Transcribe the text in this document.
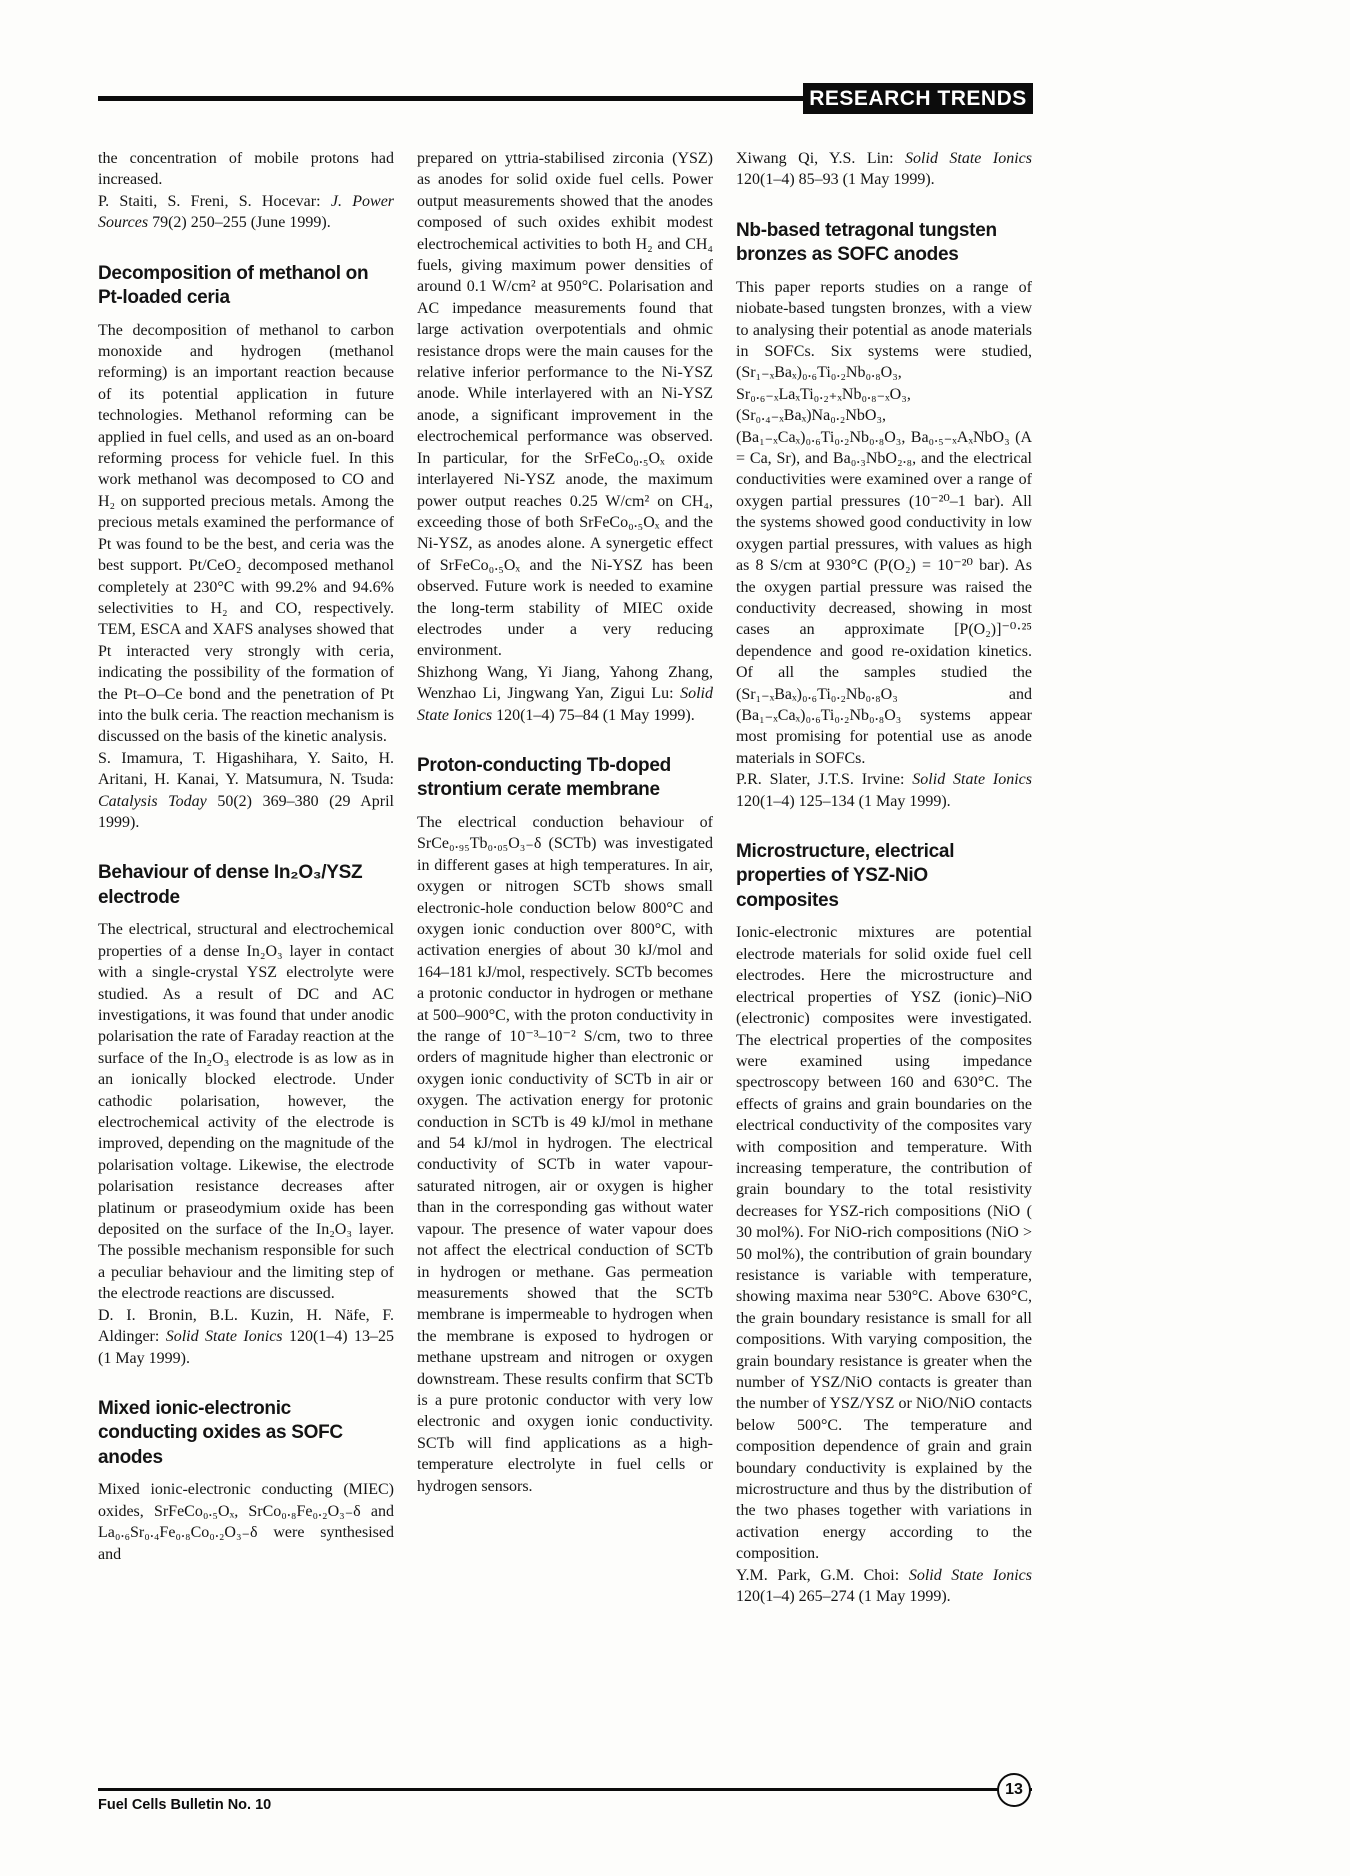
RESEARCH TRENDS

the concentration of mobile protons had increased.

P. Staiti, S. Freni, S. Hocevar: J. Power Sources 79(2) 250–255 (June 1999).

Decomposition of methanol on Pt-loaded ceria

The decomposition of methanol to carbon monoxide and hydrogen (methanol reforming) is an important reaction because of its potential application in future technologies. Methanol reforming can be applied in fuel cells, and used as an on-board reforming process for vehicle fuel. In this work methanol was decomposed to CO and H₂ on supported precious metals. Among the precious metals examined the performance of Pt was found to be the best, and ceria was the best support. Pt/CeO₂ decomposed methanol completely at 230°C with 99.2% and 94.6% selectivities to H₂ and CO, respectively. TEM, ESCA and XAFS analyses showed that Pt interacted very strongly with ceria, indicating the possibility of the formation of the Pt–O–Ce bond and the penetration of Pt into the bulk ceria. The reaction mechanism is discussed on the basis of the kinetic analysis.

S. Imamura, T. Higashihara, Y. Saito, H. Aritani, H. Kanai, Y. Matsumura, N. Tsuda: Catalysis Today 50(2) 369–380 (29 April 1999).

Behaviour of dense In₂O₃/YSZ electrode

The electrical, structural and electrochemical properties of a dense In₂O₃ layer in contact with a single-crystal YSZ electrolyte were studied. As a result of DC and AC investigations, it was found that under anodic polarisation the rate of Faraday reaction at the surface of the In₂O₃ electrode is as low as in an ionically blocked electrode. Under cathodic polarisation, however, the electrochemical activity of the electrode is improved, depending on the magnitude of the polarisation voltage. Likewise, the electrode polarisation resistance decreases after platinum or praseodymium oxide has been deposited on the surface of the In₂O₃ layer. The possible mechanism responsible for such a peculiar behaviour and the limiting step of the electrode reactions are discussed.

D. I. Bronin, B.L. Kuzin, H. Näfe, F. Aldinger: Solid State Ionics 120(1–4) 13–25 (1 May 1999).

Mixed ionic-electronic conducting oxides as SOFC anodes

Mixed ionic-electronic conducting (MIEC) oxides, SrFeCo₀.₅Oₓ, SrCo₀.₈Fe₀.₂O₃₋δ and La₀.₆Sr₀.₄Fe₀.₈Co₀.₂O₃₋δ were synthesised and

prepared on yttria-stabilised zirconia (YSZ) as anodes for solid oxide fuel cells. Power output measurements showed that the anodes composed of such oxides exhibit modest electrochemical activities to both H₂ and CH₄ fuels, giving maximum power densities of around 0.1 W/cm² at 950°C. Polarisation and AC impedance measurements found that large activation overpotentials and ohmic resistance drops were the main causes for the relative inferior performance to the Ni-YSZ anode. While interlayered with an Ni-YSZ anode, a significant improvement in the electrochemical performance was observed. In particular, for the SrFeCo₀.₅Oₓ oxide interlayered Ni-YSZ anode, the maximum power output reaches 0.25 W/cm² on CH₄, exceeding those of both SrFeCo₀.₅Oₓ and the Ni-YSZ, as anodes alone. A synergetic effect of SrFeCo₀.₅Oₓ and the Ni-YSZ has been observed. Future work is needed to examine the long-term stability of MIEC oxide electrodes under a very reducing environment.

Shizhong Wang, Yi Jiang, Yahong Zhang, Wenzhao Li, Jingwang Yan, Zigui Lu: Solid State Ionics 120(1–4) 75–84 (1 May 1999).

Proton-conducting Tb-doped strontium cerate membrane

The electrical conduction behaviour of SrCe₀.₉₅Tb₀.₀₅O₃₋δ (SCTb) was investigated in different gases at high temperatures. In air, oxygen or nitrogen SCTb shows small electronic-hole conduction below 800°C and oxygen ionic conduction over 800°C, with activation energies of about 30 kJ/mol and 164–181 kJ/mol, respectively. SCTb becomes a protonic conductor in hydrogen or methane at 500–900°C, with the proton conductivity in the range of 10⁻³–10⁻² S/cm, two to three orders of magnitude higher than electronic or oxygen ionic conductivity of SCTb in air or oxygen. The activation energy for protonic conduction in SCTb is 49 kJ/mol in methane and 54 kJ/mol in hydrogen. The electrical conductivity of SCTb in water vapour-saturated nitrogen, air or oxygen is higher than in the corresponding gas without water vapour. The presence of water vapour does not affect the electrical conduction of SCTb in hydrogen or methane. Gas permeation measurements showed that the SCTb membrane is impermeable to hydrogen when the membrane is exposed to hydrogen or methane upstream and nitrogen or oxygen downstream. These results confirm that SCTb is a pure protonic conductor with very low electronic and oxygen ionic conductivity. SCTb will find applications as a high-temperature electrolyte in fuel cells or hydrogen sensors.

Xiwang Qi, Y.S. Lin: Solid State Ionics 120(1–4) 85–93 (1 May 1999).

Nb-based tetragonal tungsten bronzes as SOFC anodes

This paper reports studies on a range of niobate-based tungsten bronzes, with a view to analysing their potential as anode materials in SOFCs. Six systems were studied, (Sr₁₋ₓBaₓ)₀.₆Ti₀.₂Nb₀.₈O₃, Sr₀.₆₋ₓLaₓTi₀.₂₊ₓNb₀.₈₋ₓO₃, (Sr₀.₄₋ₓBaₓ)Na₀.₂NbO₃, (Ba₁₋ₓCaₓ)₀.₆Ti₀.₂Nb₀.₈O₃, Ba₀.₅₋ₓAₓNbO₃ (A = Ca, Sr), and Ba₀.₃NbO₂.₈, and the electrical conductivities were examined over a range of oxygen partial pressures (10⁻²⁰–1 bar). All the systems showed good conductivity in low oxygen partial pressures, with values as high as 8 S/cm at 930°C (P(O₂) = 10⁻²⁰ bar). As the oxygen partial pressure was raised the conductivity decreased, showing in most cases an approximate [P(O₂)]⁻⁰·²⁵ dependence and good re-oxidation kinetics. Of all the samples studied the (Sr₁₋ₓBaₓ)₀.₆Ti₀.₂Nb₀.₈O₃ and (Ba₁₋ₓCaₓ)₀.₆Ti₀.₂Nb₀.₈O₃ systems appear most promising for potential use as anode materials in SOFCs.

P.R. Slater, J.T.S. Irvine: Solid State Ionics 120(1–4) 125–134 (1 May 1999).

Microstructure, electrical properties of YSZ-NiO composites

Ionic-electronic mixtures are potential electrode materials for solid oxide fuel cell electrodes. Here the microstructure and electrical properties of YSZ (ionic)–NiO (electronic) composites were investigated. The electrical properties of the composites were examined using impedance spectroscopy between 160 and 630°C. The effects of grains and grain boundaries on the electrical conductivity of the composites vary with composition and temperature. With increasing temperature, the contribution of grain boundary to the total resistivity decreases for YSZ-rich compositions (NiO ( 30 mol%). For NiO-rich compositions (NiO > 50 mol%), the contribution of grain boundary resistance is variable with temperature, showing maxima near 530°C. Above 630°C, the grain boundary resistance is small for all compositions. With varying composition, the grain boundary resistance is greater when the number of YSZ/NiO contacts is greater than the number of YSZ/YSZ or NiO/NiO contacts below 500°C. The temperature and composition dependence of grain and grain boundary conductivity is explained by the microstructure and thus by the distribution of the two phases together with variations in activation energy according to the composition.

Y.M. Park, G.M. Choi: Solid State Ionics 120(1–4) 265–274 (1 May 1999).

Fuel Cells Bulletin No. 10
13
